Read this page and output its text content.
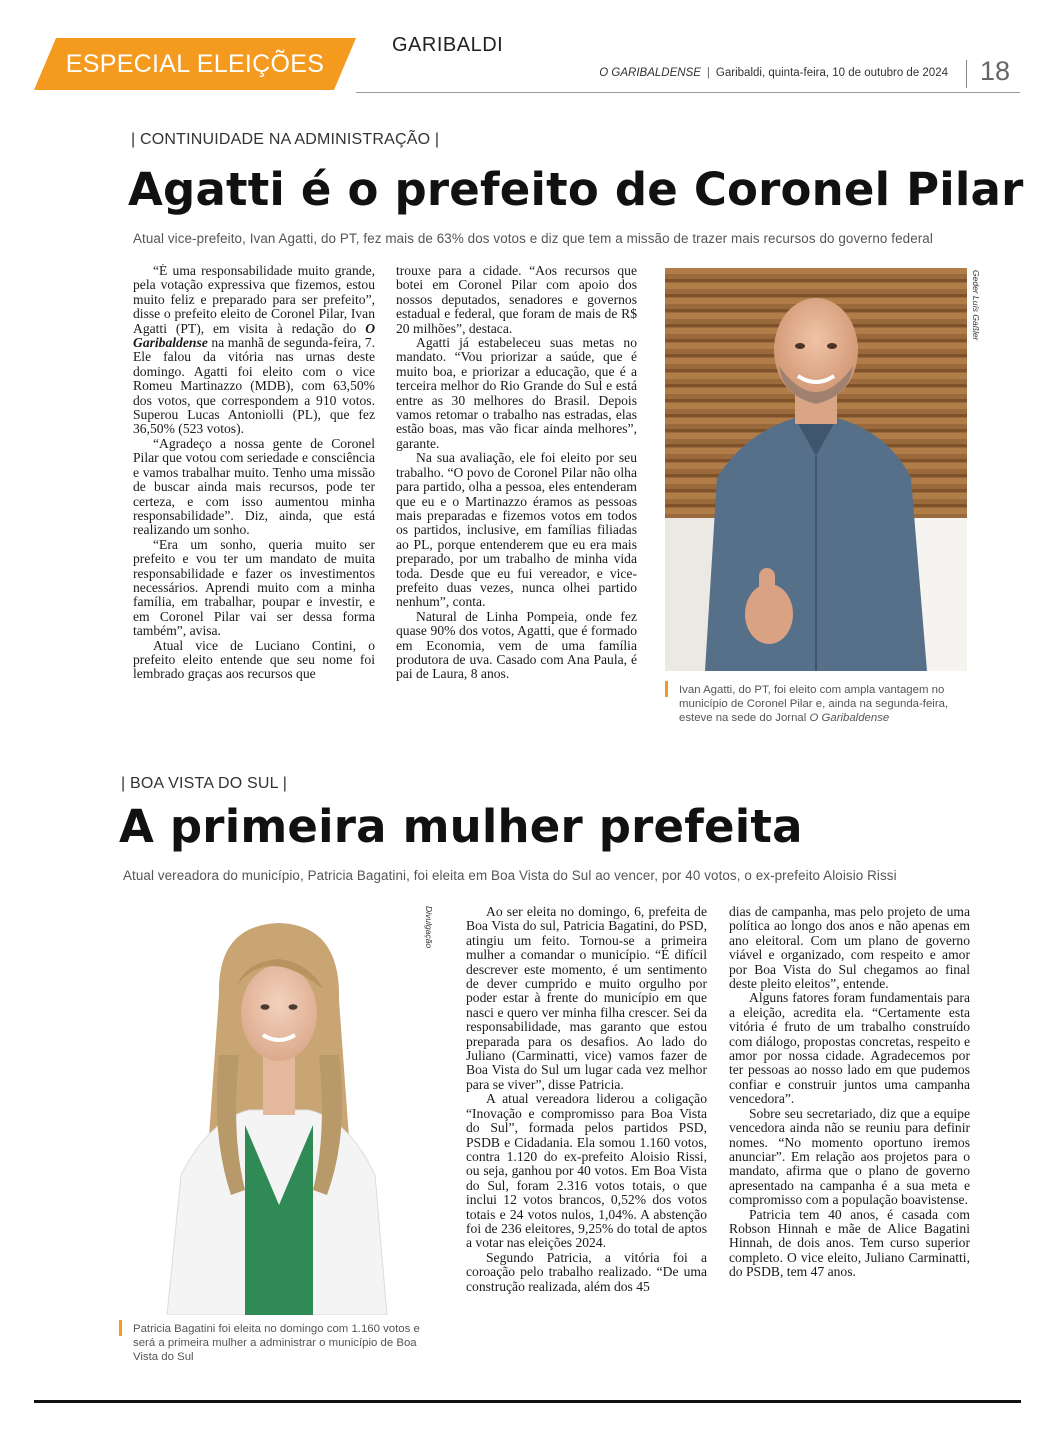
ESPECIAL ELEIÇÕES
GARIBALDI
O GARIBALDENSE | Garibaldi, quinta-feira, 10 de outubro de 2024 18
| CONTINUIDADE NA ADMINISTRAÇÃO |
Agatti é o prefeito de Coronel Pilar
Atual vice-prefeito, Ivan Agatti, do PT, fez mais de 63% dos votos e diz que tem a missão de trazer mais recursos do governo federal

“É uma responsabilidade muito grande, pela votação expressiva que fizemos, estou muito feliz e preparado para ser prefeito”, disse o prefeito eleito de Coronel Pilar, Ivan Agatti (PT), em visita à redação do O Garibaldense na manhã de segunda-feira, 7. Ele falou da vitória nas urnas deste domingo. Agatti foi eleito com o vice Romeu Martinazzo (MDB), com 63,50% dos votos, que correspondem a 910 votos. Superou Lucas Antoniolli (PL), que fez 36,50% (523 votos).

“Agradeço a nossa gente de Coronel Pilar que votou com seriedade e consciência e vamos trabalhar muito. Tenho uma missão de buscar ainda mais recursos, pode ter certeza, e com isso aumentou minha responsabilidade”. Diz, ainda, que está realizando um sonho.

“Era um sonho, queria muito ser prefeito e vou ter um mandato de muita responsabilidade e fazer os investimentos necessários. Aprendi muito com a minha família, em trabalhar, poupar e investir, e em Coronel Pilar vai ser dessa forma também”, avisa.

Atual vice de Luciano Contini, o prefeito eleito entende que seu nome foi lembrado graças aos recursos que

trouxe para a cidade. “Aos recursos que botei em Coronel Pilar com apoio dos nossos deputados, senadores e governos estadual e federal, que foram de mais de R$ 20 milhões”, destaca.

Agatti já estabeleceu suas metas no mandato. “Vou priorizar a saúde, que é muito boa, e priorizar a educação, que é a terceira melhor do Rio Grande do Sul e está entre as 30 melhores do Brasil. Depois vamos retomar o trabalho nas estradas, elas estão boas, mas vão ficar ainda melhores”, garante.

Na sua avaliação, ele foi eleito por seu trabalho. “O povo de Coronel Pilar não olha para partido, olha a pessoa, eles entenderam que eu e o Martinazzo éramos as pessoas mais preparadas e fizemos votos em todos os partidos, inclusive, em famílias filiadas ao PL, porque entenderem que eu era mais preparado, por um trabalho de minha vida toda. Desde que eu fui vereador, e vice-prefeito duas vezes, nunca olhei partido nenhum”, conta.

Natural de Linha Pompeia, onde fez quase 90% dos votos, Agatti, que é formado em Economia, vem de uma família produtora de uva. Casado com Ana Paula, é pai de Laura, 8 anos.

Geder Luís Gaßler
Ivan Agatti, do PT, foi eleito com ampla vantagem no município de Coronel Pilar e, ainda na segunda-feira, esteve na sede do Jornal O Garibaldense
| BOA VISTA DO SUL |
A primeira mulher prefeita
Atual vereadora do município, Patricia Bagatini, foi eleita em Boa Vista do Sul ao vencer, por 40 votos, o ex-prefeito Aloisio Rissi
Divulgação
Patricia Bagatini foi eleita no domingo com 1.160 votos e será a primeira mulher a administrar o município de Boa Vista do Sul

Ao ser eleita no domingo, 6, prefeita de Boa Vista do sul, Patricia Bagatini, do PSD, atingiu um feito. Tornou-se a primeira mulher a comandar o município. “É difícil descrever este momento, é um sentimento de dever cumprido e muito orgulho por poder estar à frente do município em que nasci e quero ver minha filha crescer. Sei da responsabilidade, mas garanto que estou preparada para os desafios. Ao lado do Juliano (Carminatti, vice) vamos fazer de Boa Vista do Sul um lugar cada vez melhor para se viver”, disse Patricia.

A atual vereadora liderou a coligação “Inovação e compromisso para Boa Vista do Sul”, formada pelos partidos PSD, PSDB e Cidadania. Ela somou 1.160 votos, contra 1.120 do ex-prefeito Aloisio Rissi, ou seja, ganhou por 40 votos. Em Boa Vista do Sul, foram 2.316 votos totais, o que inclui 12 votos brancos, 0,52% dos votos totais e 24 votos nulos, 1,04%. A abstenção foi de 236 eleitores, 9,25% do total de aptos a votar nas eleições 2024.

Segundo Patricia, a vitória foi a coroação pelo trabalho realizado. “De uma construção realizada, além dos 45

dias de campanha, mas pelo projeto de uma política ao longo dos anos e não apenas em ano eleitoral. Com um plano de governo viável e organizado, com respeito e amor por Boa Vista do Sul chegamos ao final deste pleito eleitos”, entende.

Alguns fatores foram fundamentais para a eleição, acredita ela. “Certamente esta vitória é fruto de um trabalho construído com diálogo, propostas concretas, respeito e amor por nossa cidade. Agradecemos por ter pessoas ao nosso lado em que pudemos confiar e construir juntos uma campanha vencedora”.

Sobre seu secretariado, diz que a equipe vencedora ainda não se reuniu para definir nomes. “No momento oportuno iremos anunciar”. Em relação aos projetos para o mandato, afirma que o plano de governo apresentado na campanha é a sua meta e compromisso com a população boavistense.

Patricia tem 40 anos, é casada com Robson Hinnah e mãe de Alice Bagatini Hinnah, de dois anos. Tem curso superior completo. O vice eleito, Juliano Carminatti, do PSDB, tem 47 anos.
